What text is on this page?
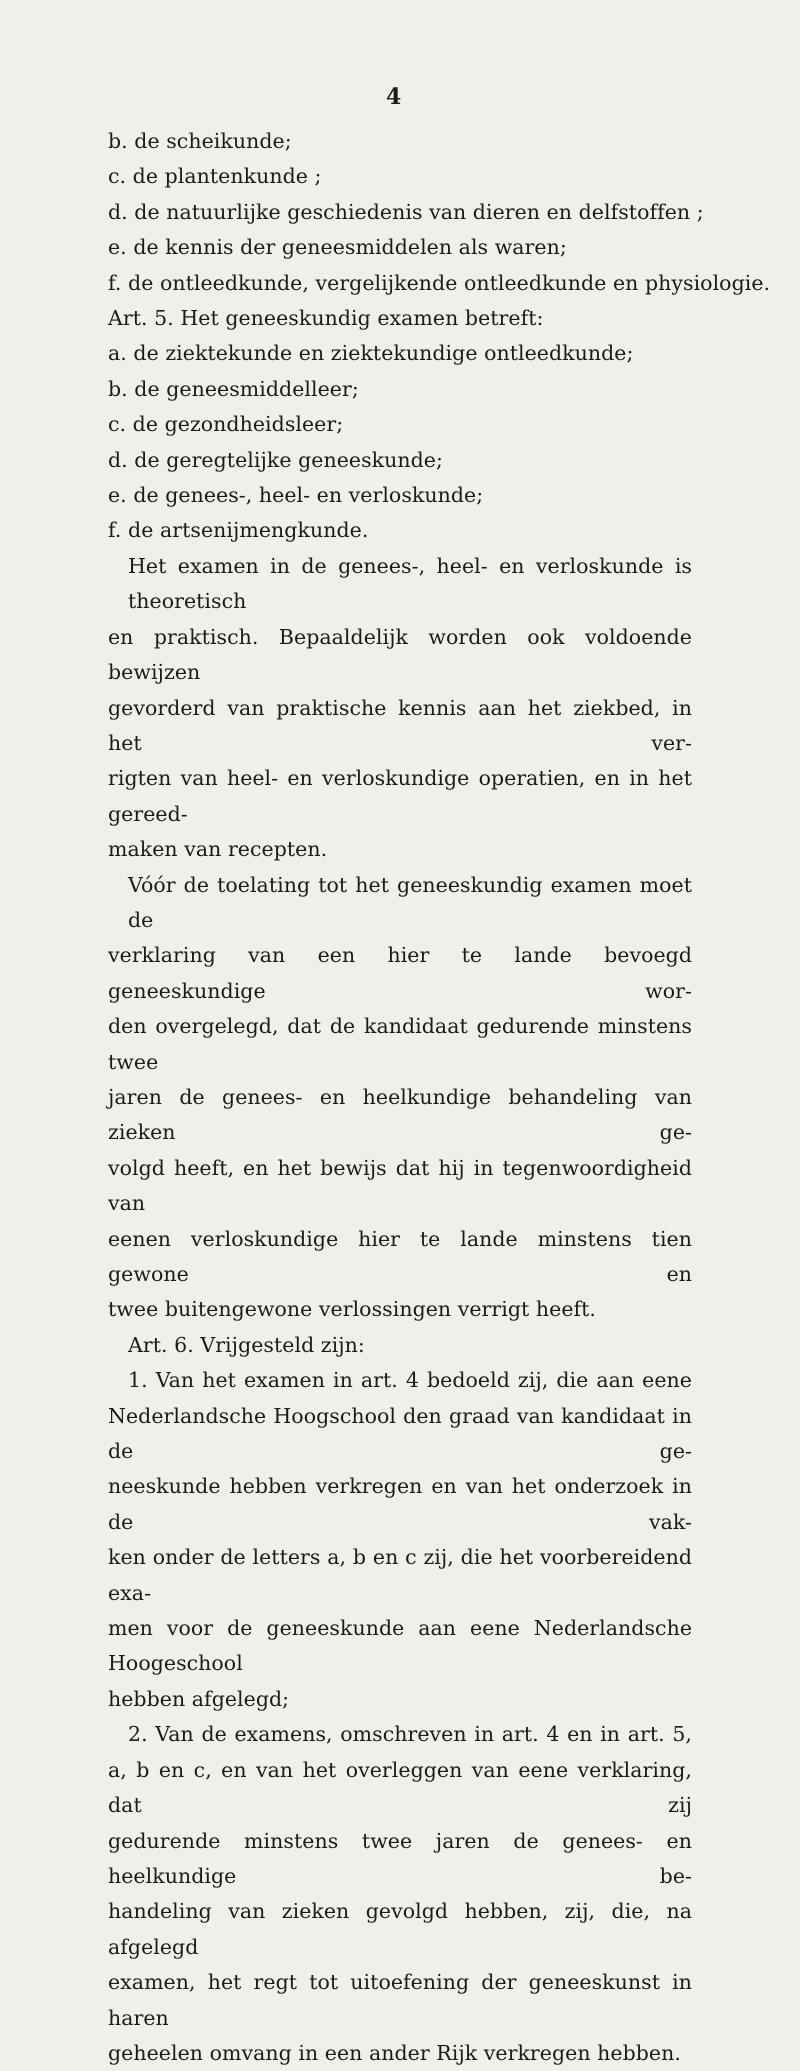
4
b. de scheikunde;
c. de plantenkunde ;
d. de natuurlijke geschiedenis van dieren en delfstoffen ;
e. de kennis der geneesmiddelen als waren;
f. de ontleedkunde, vergelijkende ontleedkunde en physiologie.
Art. 5. Het geneeskundig examen betreft:
a. de ziektekunde en ziektekundige ontleedkunde;
b. de geneesmiddelleer;
c. de gezondheidsleer;
d. de geregtelijke geneeskunde;
e. de genees-, heel- en verloskunde;
f. de artsenijmengkunde.
Het examen in de genees-, heel- en verloskunde is theoretisch
en praktisch. Bepaaldelijk worden ook voldoende bewijzen
gevorderd van praktische kennis aan het ziekbed, in het ver-
rigten van heel- en verloskundige operatien, en in het gereed-
maken van recepten.
Vóór de toelating tot het geneeskundig examen moet de
verklaring van een hier te lande bevoegd geneeskundige wor-
den overgelegd, dat de kandidaat gedurende minstens twee
jaren de genees- en heelkundige behandeling van zieken ge-
volgd heeft, en het bewijs dat hij in tegenwoordigheid van
eenen verloskundige hier te lande minstens tien gewone en
twee buitengewone verlossingen verrigt heeft.
Art. 6. Vrijgesteld zijn:
1. Van het examen in art. 4 bedoeld zij, die aan eene
Nederlandsche Hoogschool den graad van kandidaat in de ge-
neeskunde hebben verkregen en van het onderzoek in de vak-
ken onder de letters a, b en c zij, die het voorbereidend exa-
men voor de geneeskunde aan eene Nederlandsche Hoogeschool
hebben afgelegd;
2. Van de examens, omschreven in art. 4 en in art. 5,
a, b en c, en van het overleggen van eene verklaring, dat zij
gedurende minstens twee jaren de genees- en heelkundige be-
handeling van zieken gevolgd hebben, zij, die, na afgelegd
examen, het regt tot uitoefening der geneeskunst in haren
geheelen omvang in een ander Rijk verkregen hebben.
